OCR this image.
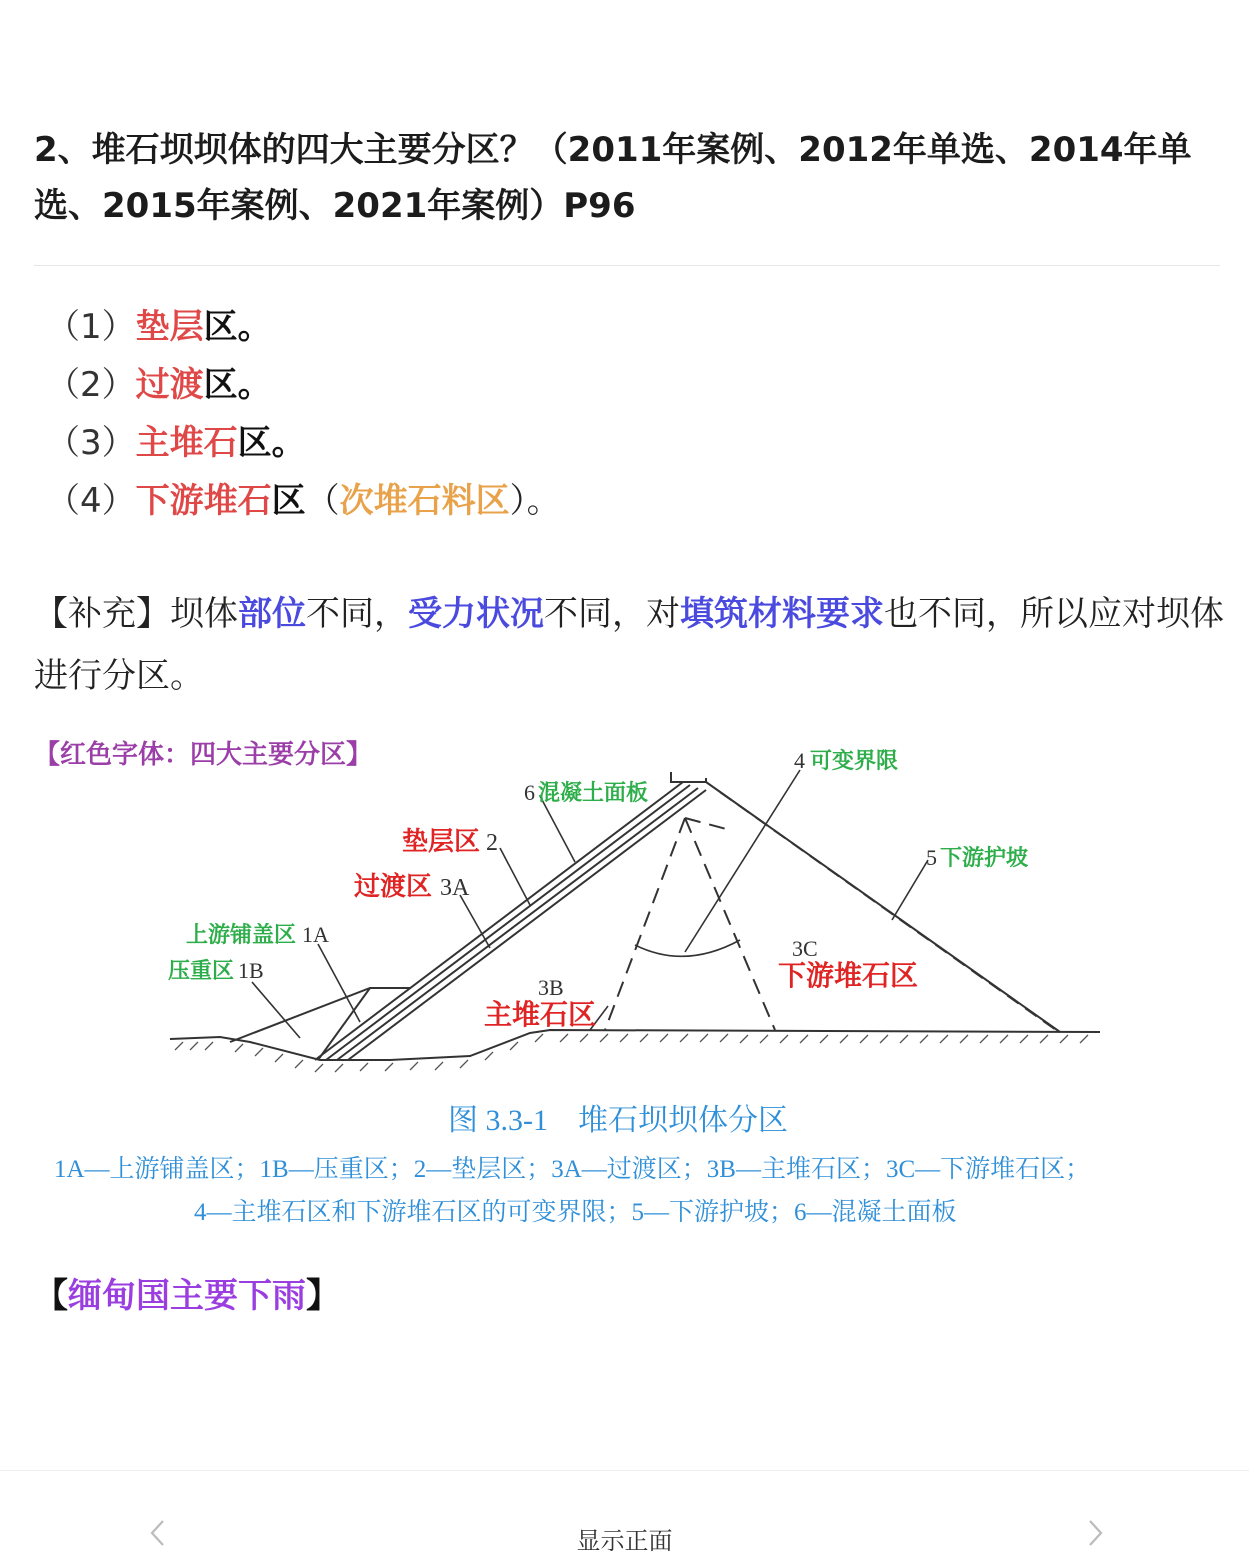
2、堆石坝坝体的四大主要分区？（2011年案例、2012年单选、2014年单选、2015年案例、2021年案例）P96
（1）垫层区。
（2）过渡区。
（3）主堆石区。
（4）下游堆石区（次堆石料区）。

【补充】坝体部位不同，受力状况不同，对填筑材料要求也不同，所以应对坝体进行分区。

【红色字体：四大主要分区】	4 可变界限
6 混凝土面板
垫层区 2
过渡区 3A
5 下游护坡
上游铺盖区 1A
压重区 1B
3B
主堆石区
3C
下游堆石区
图 3.3-1　堆石坝坝体分区
1A—上游铺盖区；1B—压重区；2—垫层区；3A—过渡区；3B—主堆石区；3C—下游堆石区；
4—主堆石区和下游堆石区的可变界限；5—下游护坡；6—混凝土面板
【缅甸国主要下雨】
显示正面
